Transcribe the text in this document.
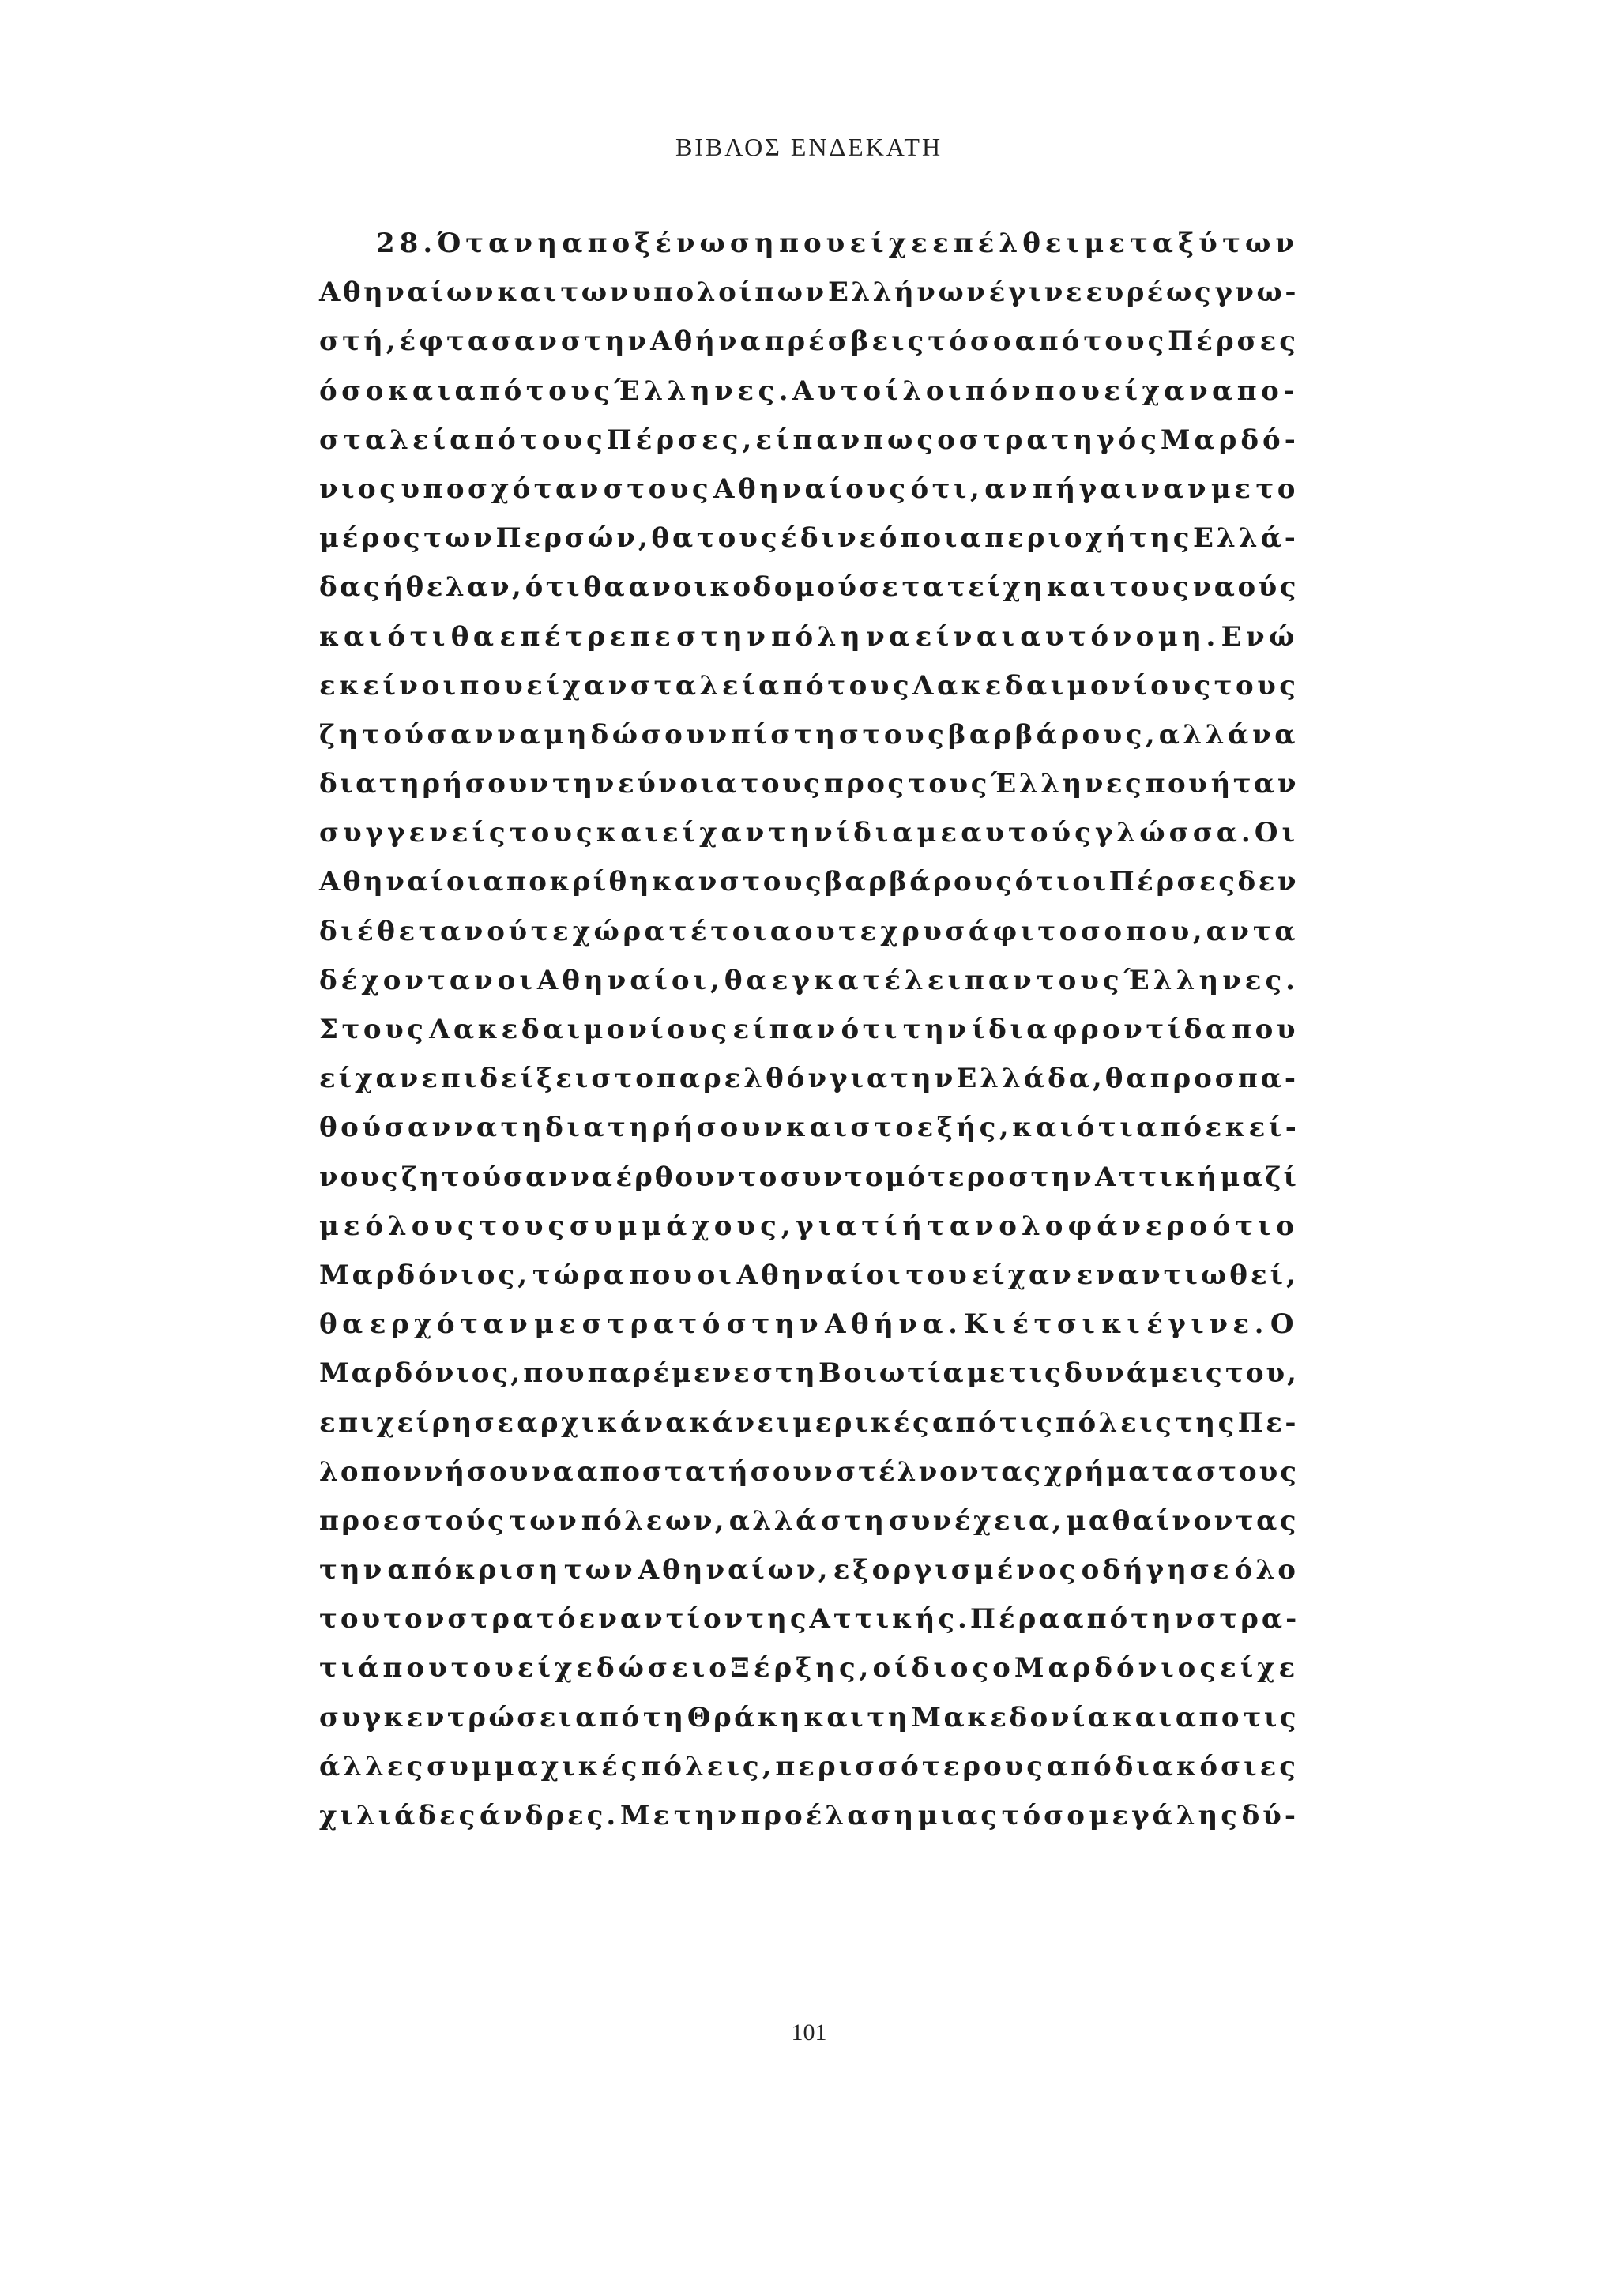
ΒΙΒΛΟΣ ΕΝΔΕΚΑΤΗ
28.Όταν η αποξένωση που είχε επέλθει μεταξύ των
Αθηναίων και των υπολοίπων Ελλήνων έγινε ευρέως γνω-
στή, έφτασαν στην Αθήνα πρέσβεις τόσο από τους Πέρσες
όσο και από τους Έλληνες. Αυτοί λοιπόν που είχαν απο-
σταλεί από τους Πέρσες, είπαν πως ο στρατηγός Μαρδό-
νιος υποσχόταν στους Αθηναίους ότι, αν πήγαιναν με το
μέρος των Περσών, θα τους έδινε όποια περιοχή της Ελλά-
δας ήθελαν, ότι θα ανοικοδομούσε τα τείχη και τους ναούς
και ότι θα επέτρεπε στην πόλη να είναι αυτόνομη. Ενώ
εκείνοι που είχαν σταλεί από τους Λακεδαιμονίους τους
ζητούσαν να μη δώσουν πίστη στους βαρβάρους, αλλά να
διατηρήσουν την εύνοια τους προς τους Έλληνες που ήταν
συγγενείς τους και είχαν την ίδια με αυτούς γλώσσα. Οι
Αθηναίοι αποκρίθηκαν στους βαρβάρους ότι οι Πέρσες δεν
διέθεταν ούτε χώρα τέτοια ουτε χρυσάφι τοσο που, αν τα
δέχονταν οι Αθηναίοι, θα εγκατέλειπαν τους Έλληνες.
Στους Λακεδαιμονίους είπαν ότι την ίδια φροντίδα που
είχαν επιδείξει στο παρελθόν για την Ελλάδα, θα προσπα-
θούσαν να τη διατηρήσουν και στο εξής, και ότι από εκεί-
νους ζητούσαν να έρθουν το συντομότερο στην Αττική μαζί
με όλους τους συμμάχους, γιατί ήταν ολοφάνερο ότι ο
Μαρδόνιος, τώρα που οι Αθηναίοι του είχαν εναντιωθεί,
θα ερχόταν με στρατό στην Αθήνα. Κι έτσι κι έγινε. Ο
Μαρδόνιος, που παρέμενε στη Βοιωτία με τις δυνάμεις του,
επιχείρησε αρχικά να κάνει μερικές από τις πόλεις της Πε-
λοποννήσου να αποστατήσουν στέλνοντας χρήματα στους
προεστούς των πόλεων, αλλά στη συνέχεια, μαθαίνοντας
την απόκριση των Αθηναίων, εξοργισμένος οδήγησε όλο
του τον στρατό εναντίον της Αττικής. Πέρα από την στρα-
τιά που του είχε δώσει ο Ξέρξης, ο ίδιος ο Μαρδόνιος είχε
συγκεντρώσει από τη Θράκη και τη Μακεδονία και απο τις
άλλες συμμαχικές πόλεις, περισσότερους από διακόσιες
χιλιάδες άνδρες. Με την προέλαση μιας τόσο μεγάλης δύ-
101
